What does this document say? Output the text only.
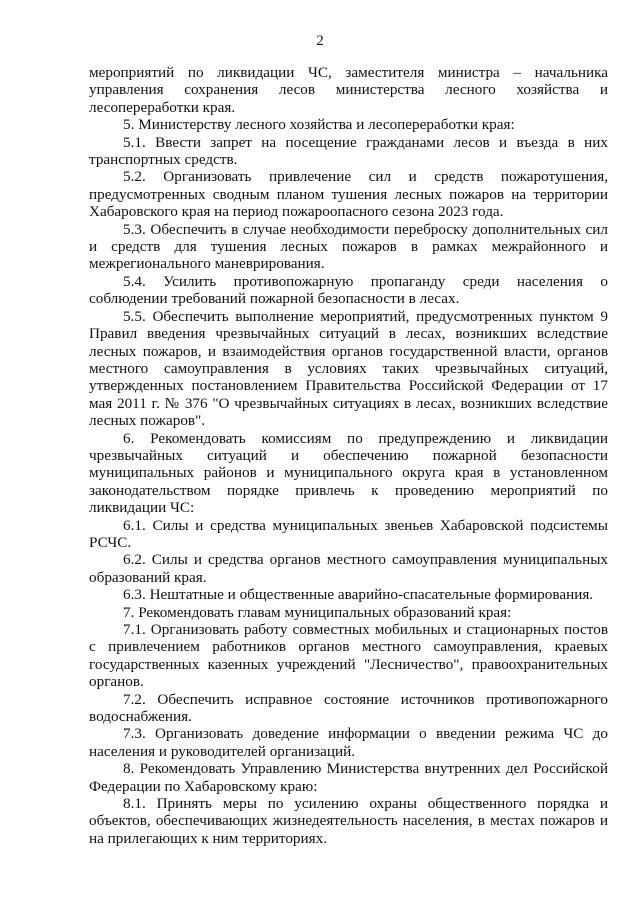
2

мероприятий по ликвидации ЧС, заместителя министра – начальника управления сохранения лесов министерства лесного хозяйства и лесопереработки края.

5. Министерству лесного хозяйства и лесопереработки края:

5.1. Ввести запрет на посещение гражданами лесов и въезда в них транспортных средств.

5.2. Организовать привлечение сил и средств пожаротушения, предусмотренных сводным планом тушения лесных пожаров на территории Хабаровского края на период пожароопасного сезона 2023 года.

5.3. Обеспечить в случае необходимости переброску дополнительных сил и средств для тушения лесных пожаров в рамках межрайонного и межрегионального маневрирования.

5.4. Усилить противопожарную пропаганду среди населения о соблюдении требований пожарной безопасности в лесах.

5.5. Обеспечить выполнение мероприятий, предусмотренных пунктом 9 Правил введения чрезвычайных ситуаций в лесах, возникших вследствие лесных пожаров, и взаимодействия органов государственной власти, органов местного самоуправления в условиях таких чрезвычайных ситуаций, утвержденных постановлением Правительства Российской Федерации от 17 мая 2011 г. № 376 "О чрезвычайных ситуациях в лесах, возникших вследствие лесных пожаров".

6. Рекомендовать комиссиям по предупреждению и ликвидации чрезвычайных ситуаций и обеспечению пожарной безопасности муниципальных районов и муниципального округа края в установленном законодательством порядке привлечь к проведению мероприятий по ликвидации ЧС:

6.1. Силы и средства муниципальных звеньев Хабаровской подсистемы РСЧС.

6.2. Силы и средства органов местного самоуправления муниципальных образований края.

6.3. Нештатные и общественные аварийно-спасательные формирования.

7. Рекомендовать главам муниципальных образований края:

7.1. Организовать работу совместных мобильных и стационарных постов с привлечением работников органов местного самоуправления, краевых государственных казенных учреждений "Лесничество", правоохранительных органов.

7.2. Обеспечить исправное состояние источников противопожарного водоснабжения.

7.3. Организовать доведение информации о введении режима ЧС до населения и руководителей организаций.

8. Рекомендовать Управлению Министерства внутренних дел Российской Федерации по Хабаровскому краю:

8.1. Принять меры по усилению охраны общественного порядка и объектов, обеспечивающих жизнедеятельность населения, в местах пожаров и на прилегающих к ним территориях.
